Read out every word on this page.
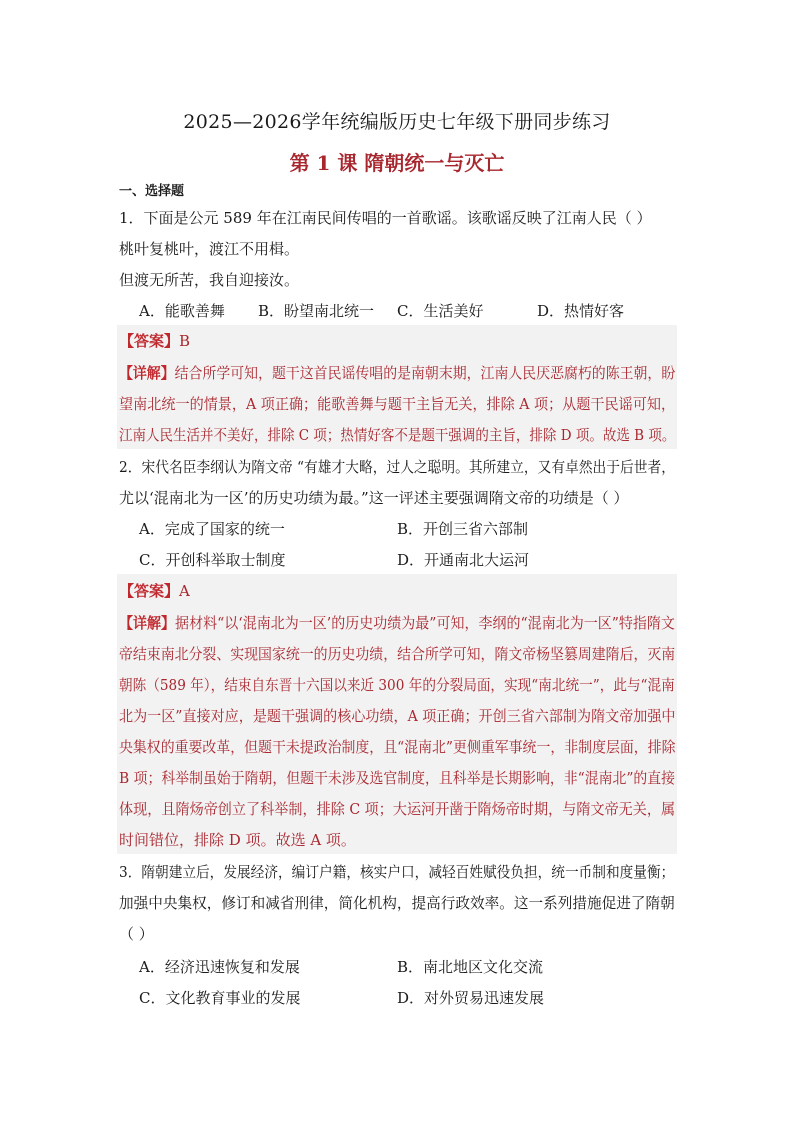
2025—2026学年统编版历史七年级下册同步练习
第 1 课 隋朝统一与灭亡
一、选择题
1．下面是公元 589 年在江南民间传唱的一首歌谣。该歌谣反映了江南人民（ ）
桃叶复桃叶，渡江不用楫。
但渡无所苦，我自迎接汝。
A．能歌善舞 B．盼望南北统一 C．生活美好	D．热情好客
【答案】B
【详解】结合所学可知，题干这首民谣传唱的是南朝末期，江南人民厌恶腐朽的陈王朝，盼
望南北统一的情景，A 项正确；能歌善舞与题干主旨无关，排除 A 项；从题干民谣可知，
江南人民生活并不美好，排除 C 项；热情好客不是题干强调的主旨，排除 D 项。故选 B 项。
2．宋代名臣李纲认为隋文帝 “有雄才大略，过人之聪明。其所建立，又有卓然出于后世者，
尤以‘混南北为一区’的历史功绩为最。”这一评述主要强调隋文帝的功绩是（ ）
A．完成了国家的统一	B．开创三省六部制
C．开创科举取士制度	D．开通南北大运河
【答案】A
【详解】据材料“以‘混南北为一区’的历史功绩为最”可知，李纲的“混南北为一区”特指隋文
帝结束南北分裂、实现国家统一的历史功绩，结合所学可知，隋文帝杨坚篡周建隋后，灭南
朝陈（589 年），结束自东晋十六国以来近 300 年的分裂局面，实现“南北统一”，此与“混南
北为一区”直接对应，是题干强调的核心功绩，A 项正确；开创三省六部制为隋文帝加强中
央集权的重要改革，但题干未提政治制度，且“混南北”更侧重军事统一，非制度层面，排除
B 项；科举制虽始于隋朝，但题干未涉及选官制度，且科举是长期影响，非“混南北”的直接
体现，且隋炀帝创立了科举制，排除 C 项；大运河开凿于隋炀帝时期，与隋文帝无关，属
时间错位，排除 D 项。故选 A 项。
3．隋朝建立后，发展经济，编订户籍，核实户口，减轻百姓赋役负担，统一币制和度量衡；
加强中央集权，修订和减省刑律，简化机构，提高行政效率。这一系列措施促进了隋朝
（ ）
A．经济迅速恢复和发展	B．南北地区文化交流
C．文化教育事业的发展	D．对外贸易迅速发展
